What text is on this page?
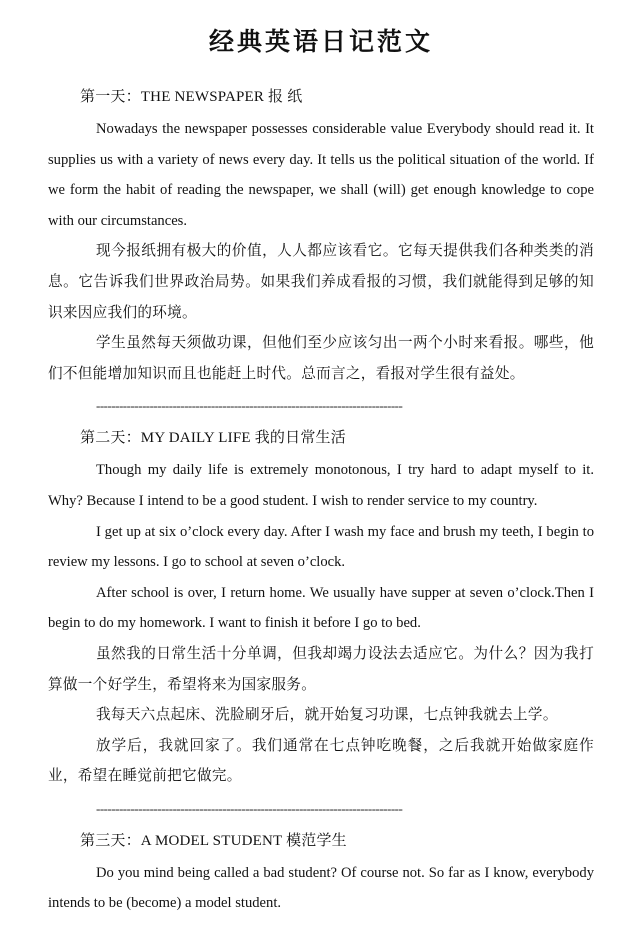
经典英语日记范文
第一天：THE NEWSPAPER 报 纸

Nowadays the newspaper possesses considerable value Everybody should read it. It supplies us with a variety of news every day. It tells us the political situation of the world. If we form the habit of reading the newspaper, we shall (will) get enough knowledge to cope with our circumstances.

现今报纸拥有极大的价值，人人都应该看它。它每天提供我们各种类类的消息。它告诉我们世界政治局势。如果我们养成看报的习惯，我们就能得到足够的知识来因应我们的环境。

学生虽然每天须做功课，但他们至少应该匀出一两个小时来看报。哪些，他们不但能增加知识而且也能赶上时代。总而言之，看报对学生很有益处。

--------------------------------------------------------------------------------
第二天：MY DAILY LIFE 我的日常生活

Though my daily life is extremely monotonous, I try hard to adapt myself to it. Why? Because I intend to be a good student. I wish to render service to my country.

I get up at six o’clock every day. After I wash my face and brush my teeth, I begin to review my lessons. I go to school at seven o’clock.

After school is over, I return home. We usually have supper at seven o’clock.Then I begin to do my homework. I want to finish it before I go to bed.

虽然我的日常生活十分单调，但我却竭力设法去适应它。为什么？因为我打算做一个好学生，希望将来为国家服务。

我每天六点起床、洗脸刷牙后，就开始复习功课，七点钟我就去上学。

放学后，我就回家了。我们通常在七点钟吃晚餐，之后我就开始做家庭作业，希望在睡觉前把它做完。

--------------------------------------------------------------------------------
第三天：A MODEL STUDENT 模范学生

Do you mind being called a bad student? Of course not. So far as I know, everybody intends to be (become) a model student.
